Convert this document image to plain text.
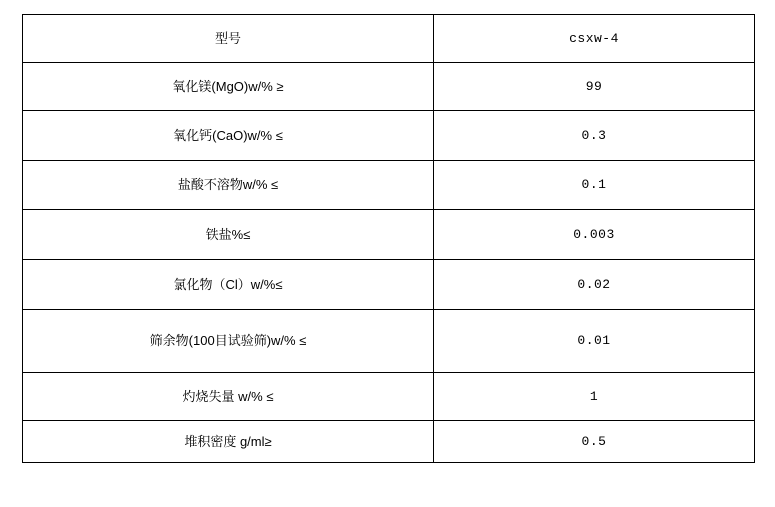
型号	csxw-4

氧化镁(MgO)w/% ≥	99

氧化钙(CaO)w/% ≤	0.3

盐酸不溶物w/% ≤	0.1

铁盐%≤	0.003

氯化物（Cl）w/%≤	0.02

筛余物(100目试验筛)w/% ≤	0.01

灼烧失量 w/% ≤	1

堆积密度 g/ml≥	0.5
